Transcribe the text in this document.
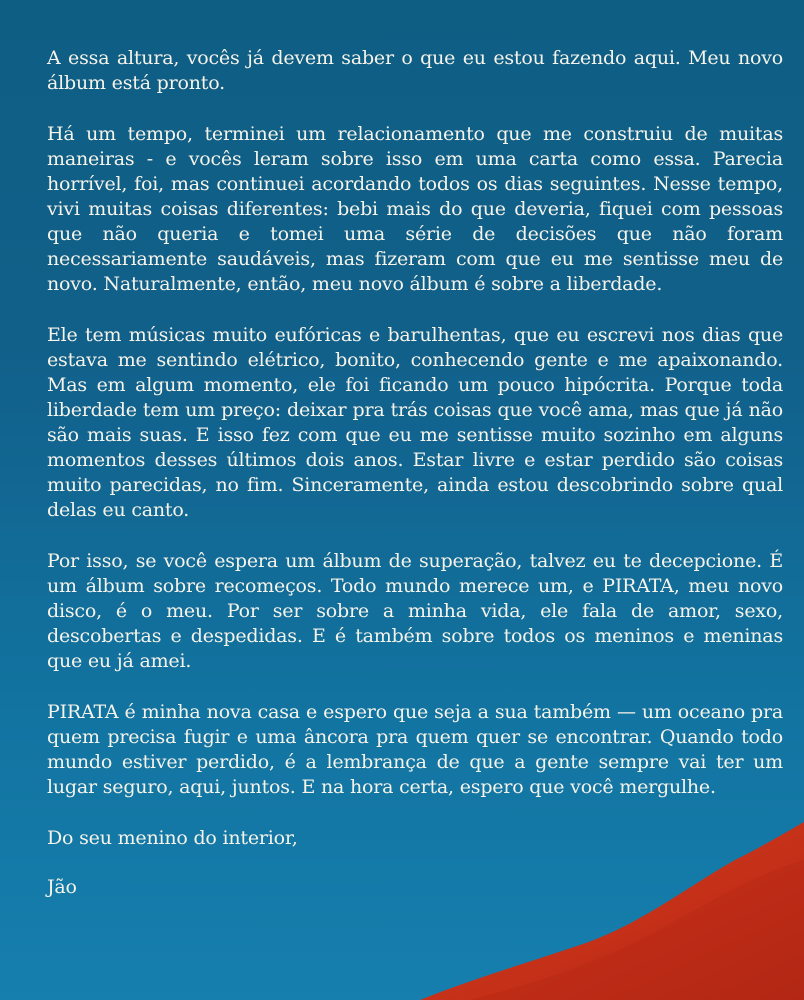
A essa altura, vocês já devem saber o que eu estou fazendo aqui. Meu novo álbum está pronto.

Há um tempo, terminei um relacionamento que me construiu de muitas maneiras - e vocês leram sobre isso em uma carta como essa. Parecia horrível, foi, mas continuei acordando todos os dias seguintes. Nesse tempo, vivi muitas coisas diferentes: bebi mais do que deveria, fiquei com pessoas que não queria e tomei uma série de decisões que não foram necessariamente saudáveis, mas fizeram com que eu me sentisse meu de novo. Naturalmente, então, meu novo álbum é sobre a liberdade.

Ele tem músicas muito eufóricas e barulhentas, que eu escrevi nos dias que estava me sentindo elétrico, bonito, conhecendo gente e me apaixonando. Mas em algum momento, ele foi ficando um pouco hipócrita. Porque toda liberdade tem um preço: deixar pra trás coisas que você ama, mas que já não são mais suas. E isso fez com que eu me sentisse muito sozinho em alguns momentos desses últimos dois anos. Estar livre e estar perdido são coisas muito parecidas, no fim. Sinceramente, ainda estou descobrindo sobre qual delas eu canto.

Por isso, se você espera um álbum de superação, talvez eu te decepcione. É um álbum sobre recomeços. Todo mundo merece um, e PIRATA, meu novo disco, é o meu. Por ser sobre a minha vida, ele fala de amor, sexo, descobertas e despedidas. E é também sobre todos os meninos e meninas que eu já amei.

PIRATA é minha nova casa e espero que seja a sua também — um oceano pra quem precisa fugir e uma âncora pra quem quer se encontrar. Quando todo mundo estiver perdido, é a lembrança de que a gente sempre vai ter um lugar seguro, aqui, juntos. E na hora certa, espero que você mergulhe.

Do seu menino do interior,

Jão
